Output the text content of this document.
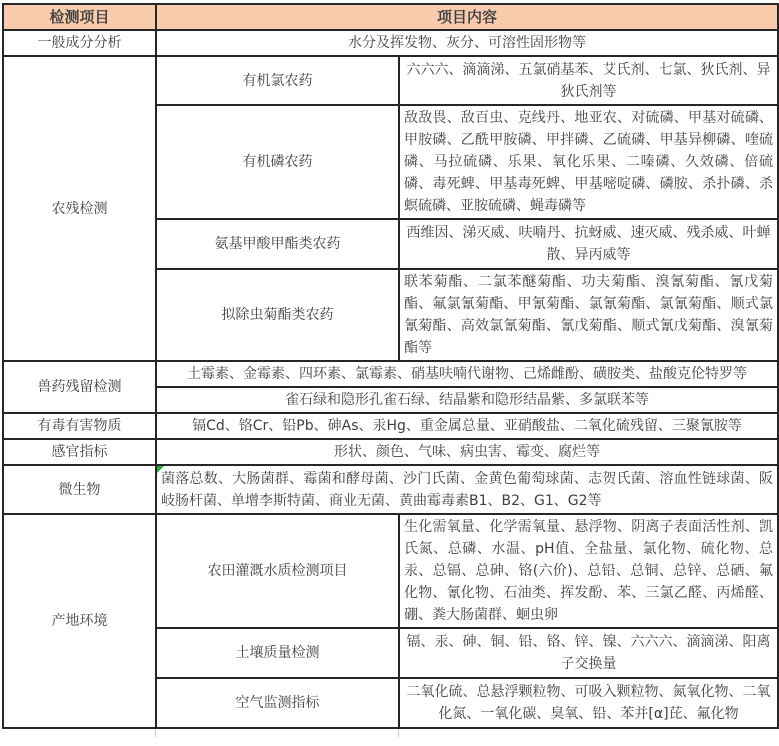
检测项目	项目内容	
一般成分分析	水分及挥发物、灰分、可溶性固形物等	
农残检测	有机氯农药	六六六、滴滴涕、五氯硝基苯、艾氏剂、七氯、狄氏剂、异狄氏剂等
	有机磷农药	敌敌畏、敌百虫、克线丹、地亚农、对硫磷、甲基对硫磷、甲胺磷、乙酰甲胺磷、甲拌磷、乙硫磷、甲基异柳磷、喹硫磷、马拉硫磷、乐果、氧化乐果、二嗪磷、久效磷、倍硫磷、毒死蜱、甲基毒死蜱、甲基嘧啶磷、磷胺、杀扑磷、杀螟硫磷、亚胺硫磷、蝇毒磷等
	氨基甲酸甲酯类农药	西维因、涕灭威、呋喃丹、抗蚜威、速灭威、残杀威、叶蝉散、异丙威等
	拟除虫菊酯类农药	联苯菊酯、二氯苯醚菊酯、功夫菊酯、溴氰菊酯、氰戊菊酯、氟氯氰菊酯、甲氰菊酯、氯氰菊酯、氯氰菊酯、顺式氯氰菊酯、高效氯氰菊酯、氰戊菊酯、顺式氰戊菊酯、溴氰菊酯等
兽药残留检测	土霉素、金霉素、四环素、氯霉素、硝基呋喃代谢物、己烯雌酚、磺胺类、盐酸克伦特罗等	
	雀石绿和隐形孔雀石绿、结晶紫和隐形结晶紫、多氯联苯等	
有毒有害物质	镉Cd、铬Cr、铅Pb、砷As、汞Hg、重金属总量、亚硝酸盐、二氧化硫残留、三聚氰胺等	
感官指标	形状、颜色、气味、病虫害、霉变、腐烂等	
微生物	菌落总数、大肠菌群、霉菌和酵母菌、沙门氏菌、金黄色葡萄球菌、志贺氏菌、溶血性链球菌、阪岐肠杆菌、单增李斯特菌、商业无菌、黄曲霉毒素B1、B2、G1、G2等	
产地环境	农田灌溉水质检测项目	生化需氧量、化学需氧量、悬浮物、阴离子表面活性剂、凯氏氮、总磷、水温、pH值、全盐量、氯化物、硫化物、总汞、总镉、总砷、铬(六价)、总铅、总铜、总锌、总硒、氟化物、氰化物、石油类、挥发酚、苯、三氯乙醛、丙烯醛、硼、粪大肠菌群、蛔虫卵
	土壤质量检测	镉、汞、砷、铜、铅、铬、锌、镍、六六六、滴滴涕、阳离子交换量
	空气监测指标	二氧化硫、总悬浮颗粒物、可吸入颗粒物、氮氧化物、二氧化氮、一氧化碳、臭氧、铅、苯并[α]芘、氟化物
